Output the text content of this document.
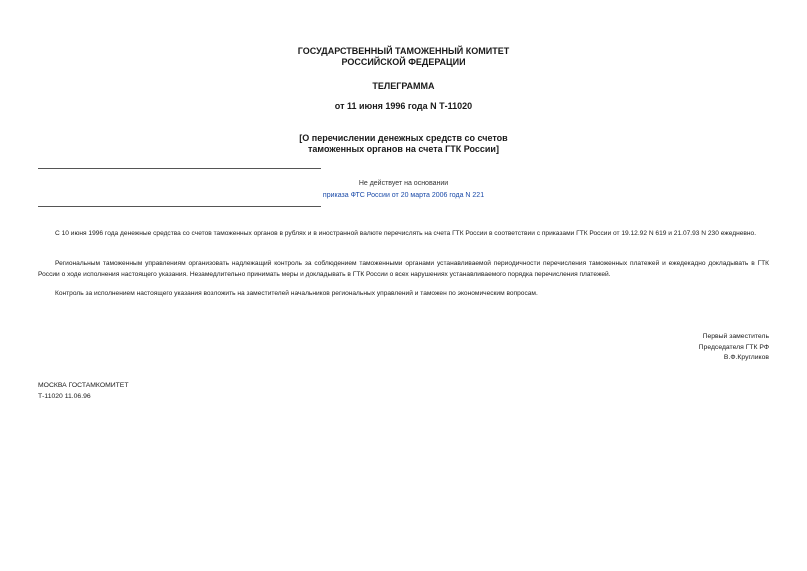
ГОСУДАРСТВЕННЫЙ ТАМОЖЕННЫЙ КОМИТЕТ
РОССИЙСКОЙ ФЕДЕРАЦИИ
ТЕЛЕГРАММА
от 11 июня 1996 года N Т-11020
[О перечислении денежных средств со счетов
таможенных органов на счета ГТК России]
Не действует на основании
приказа ФТС России от 20 марта 2006 года N 221
С 10 июня 1996 года денежные средства со счетов таможенных органов в рублях и в иностранной валюте перечислять на счета ГТК России в соответствии с приказами ГТК России от 19.12.92 N 619 и 21.07.93 N 230 ежедневно.
Региональным таможенным управлениям организовать надлежащий контроль за соблюдением таможенными органами устанавливаемой периодичности перечисления таможенных платежей и ежедекадно докладывать в ГТК России о ходе исполнения настоящего указания. Незамедлительно принимать меры и докладывать в ГТК России о всех нарушениях устанавливаемого порядка перечисления платежей.
Контроль за исполнением настоящего указания возложить на заместителей начальников региональных управлений и таможен по экономическим вопросам.
Первый заместитель
Председателя ГТК РФ
В.Ф.Кругликов
МОСКВА ГОСТАМКОМИТЕТ
Т-11020 11.06.96
